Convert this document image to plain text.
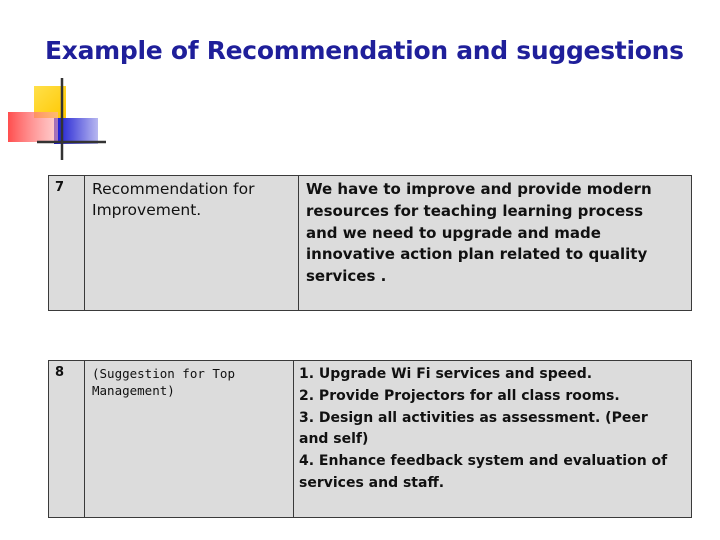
Example of Recommendation and suggestions
7	Recommendation for
Improvement.
We have to improve and provide modern
resources for teaching learning process
and we need to upgrade and made
innovative action plan related to quality
services .
8	(Suggestion for Top
Management)
1. Upgrade Wi Fi services and speed.
2. Provide Projectors for all class rooms.
3. Design all activities as assessment. (Peer
and self)
4. Enhance feedback system and evaluation of
services and staff.
